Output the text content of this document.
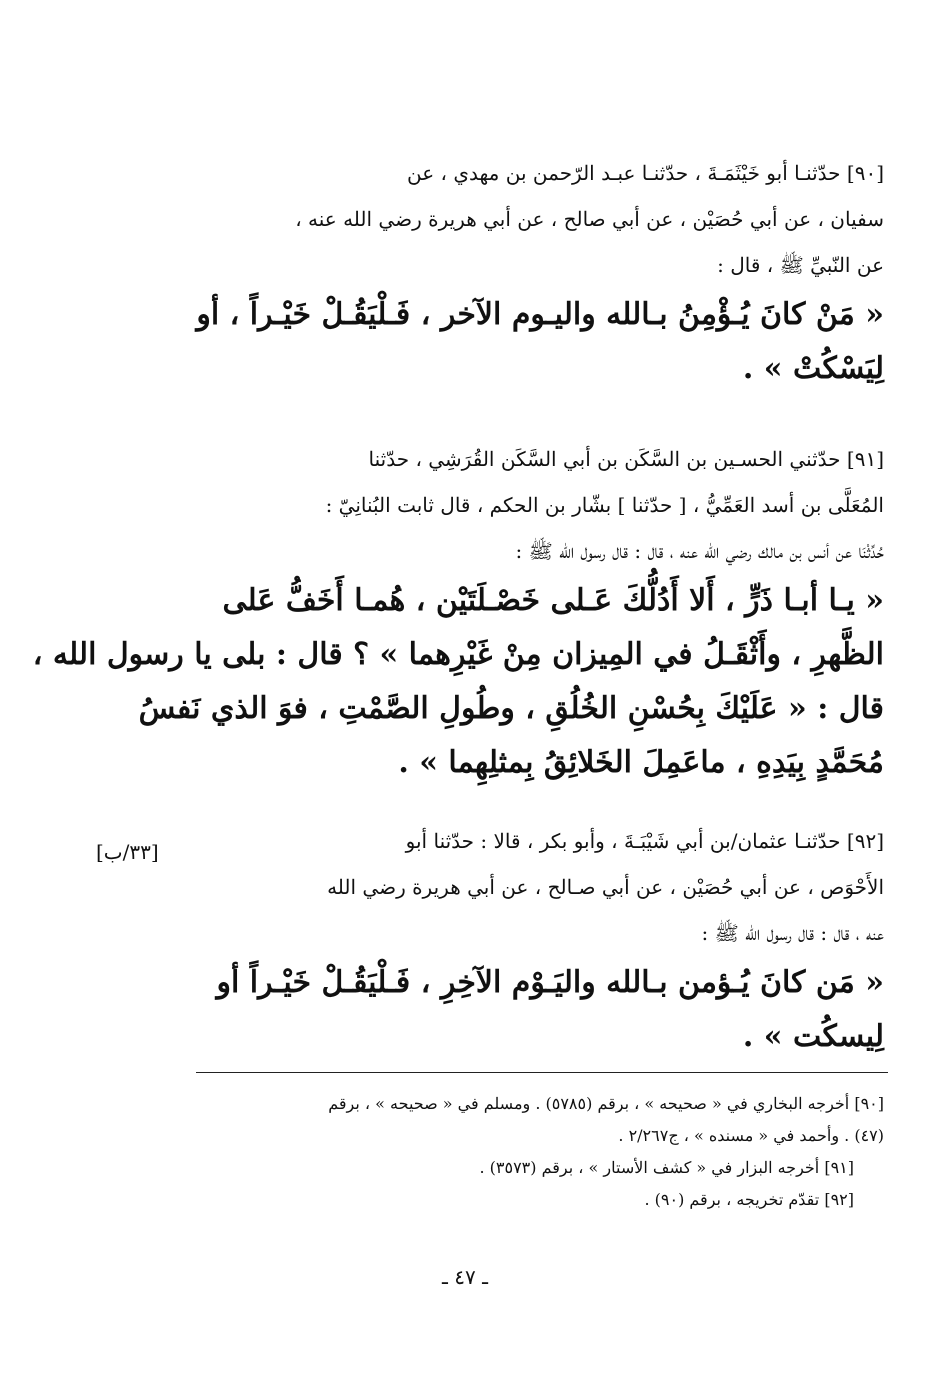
[٩٠] حدّثنـا أبو خَيْثَمَـةَ ، حدّثنـا عبـد الرّحمن بن مهدي ، عن
سفيان ، عن أبي حُصَيْن ، عن أبي صالح ، عن أبي هريرة رضي الله عنه ،
عن النّبيِّ ﷺ ، قال :

« مَنْ كانَ يُـؤْمِنُ بـالله واليـوم الآخر ، فَـلْيَقُـلْ خَيْـراً ، أو
لِيَسْكُتْ » .

[٩١] حدّثني الحسـين بن السَّكَن بن أبي السَّكَن القُرَشِي ، حدّثنا
المُعَلَّى بن أسد العَمِّيُّ ، [ حدّثنا ] بشّار بن الحكم ، قال ثابت البُنانِيّ :
حُدِّثْنَا عن أنس بن مالك رضي الله عنه ، قال : قال رسول الله ﷺ :

« يـا أبـا ذَرٍّ ، أَلا أَدُلُّكَ عَـلى خَصْـلَتَيْن ، هُمـا أَخَفُّ عَلى
الظَّهرِ ، وأَثْقَـلُ في المِيزان مِنْ غَيْرِهما » ؟ قال : بلى يا رسول الله ،
قال : « عَلَيْكَ بِحُسْنِ الخُلُقِ ، وطُولِ الصَّمْتِ ، فوَ الذي نَفسُ
مُحَمَّدٍ بِيَدِهِ ، ماعَمِلَ الخَلائِقُ بِمثلِهِما » .

[٩٢] حدّثنـا عثمان/بن أبي شَيْبَـةَ ، وأبو بكر ، قالا : حدّثنا أبو
الأَحْوَص ، عن أبي حُصَيْن ، عن أبي صـالح ، عن أبي هريرة رضي الله
عنه ، قال : قال رسول الله ﷺ :

« مَن كانَ يُـؤمن بـالله واليَـوْم الآخِرِ ، فَـلْيَقُـلْ خَيْـراً أو
لِيسكُت » .

[٣٣/ب]
[٩٠] أخرجه البخاري في « صحيحه » ، برقم (٥٧٨٥) . ومسلم في « صحيحه » ، برقم
(٤٧) . وأحمد في « مسنده » ، ج٢/٢٦٧ .
[٩١] أخرجه البزار في « كشف الأستار » ، برقم (٣٥٧٣) .
[٩٢] تقدّم تخريجه ، برقم (٩٠) .
ـ ٤٧ ـ
